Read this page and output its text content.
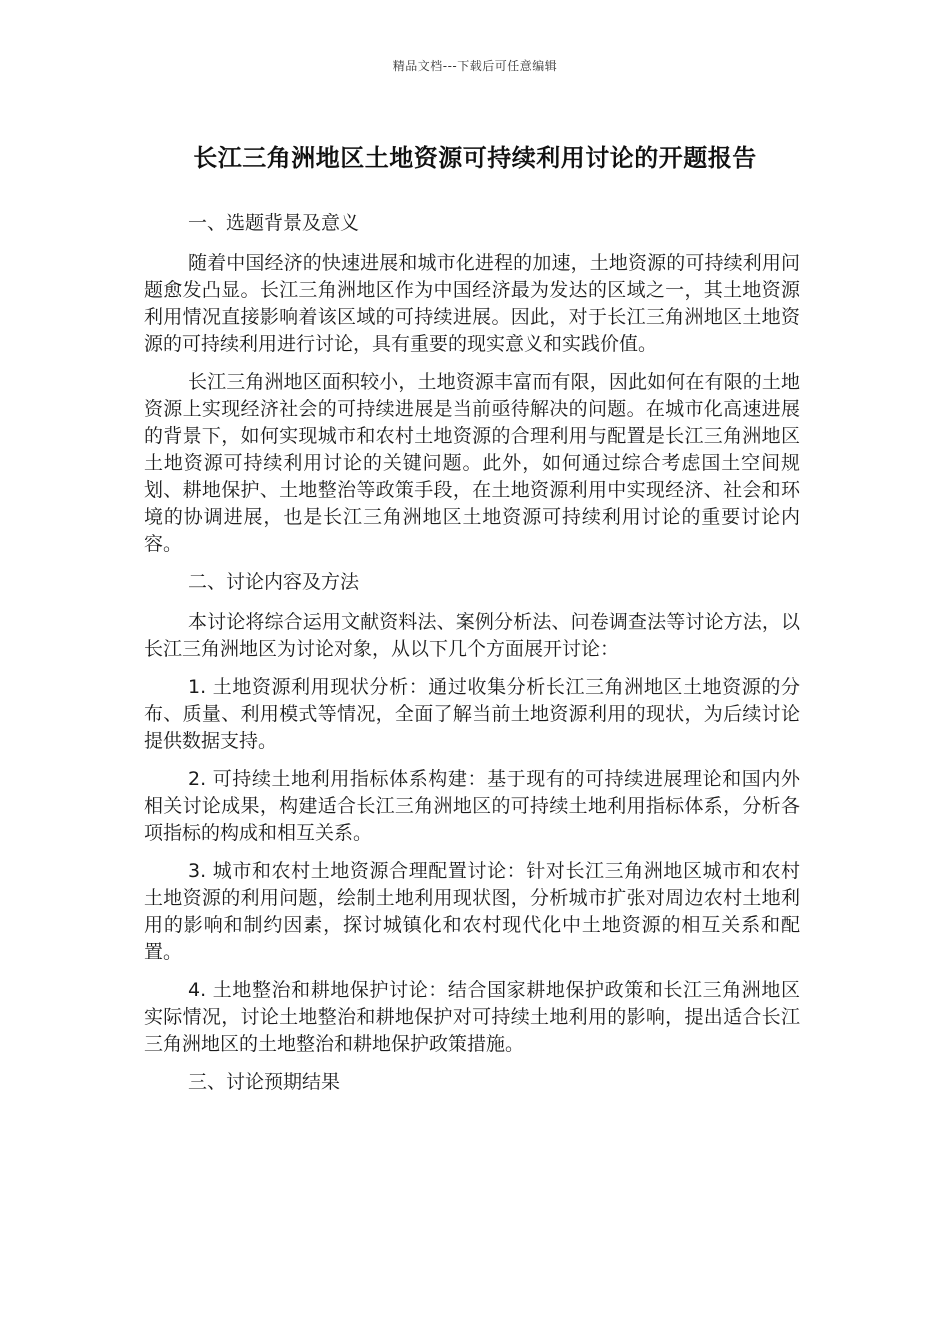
精品文档---下载后可任意编辑
长江三角洲地区土地资源可持续利用讨论的开题报告

一、选题背景及意义

随着中国经济的快速进展和城市化进程的加速，土地资源的可持续利用问题愈发凸显。长江三角洲地区作为中国经济最为发达的区域之一，其土地资源利用情况直接影响着该区域的可持续进展。因此，对于长江三角洲地区土地资源的可持续利用进行讨论，具有重要的现实意义和实践价值。

长江三角洲地区面积较小，土地资源丰富而有限，因此如何在有限的土地资源上实现经济社会的可持续进展是当前亟待解决的问题。在城市化高速进展的背景下，如何实现城市和农村土地资源的合理利用与配置是长江三角洲地区土地资源可持续利用讨论的关键问题。此外，如何通过综合考虑国土空间规划、耕地保护、土地整治等政策手段，在土地资源利用中实现经济、社会和环境的协调进展，也是长江三角洲地区土地资源可持续利用讨论的重要讨论内容。

二、讨论内容及方法

本讨论将综合运用文献资料法、案例分析法、问卷调查法等讨论方法，以长江三角洲地区为讨论对象，从以下几个方面展开讨论：

1. 土地资源利用现状分析：通过收集分析长江三角洲地区土地资源的分布、质量、利用模式等情况，全面了解当前土地资源利用的现状，为后续讨论提供数据支持。

2. 可持续土地利用指标体系构建：基于现有的可持续进展理论和国内外相关讨论成果，构建适合长江三角洲地区的可持续土地利用指标体系，分析各项指标的构成和相互关系。

3. 城市和农村土地资源合理配置讨论：针对长江三角洲地区城市和农村土地资源的利用问题，绘制土地利用现状图，分析城市扩张对周边农村土地利用的影响和制约因素，探讨城镇化和农村现代化中土地资源的相互关系和配置。

4. 土地整治和耕地保护讨论：结合国家耕地保护政策和长江三角洲地区实际情况，讨论土地整治和耕地保护对可持续土地利用的影响，提出适合长江三角洲地区的土地整治和耕地保护政策措施。

三、讨论预期结果
